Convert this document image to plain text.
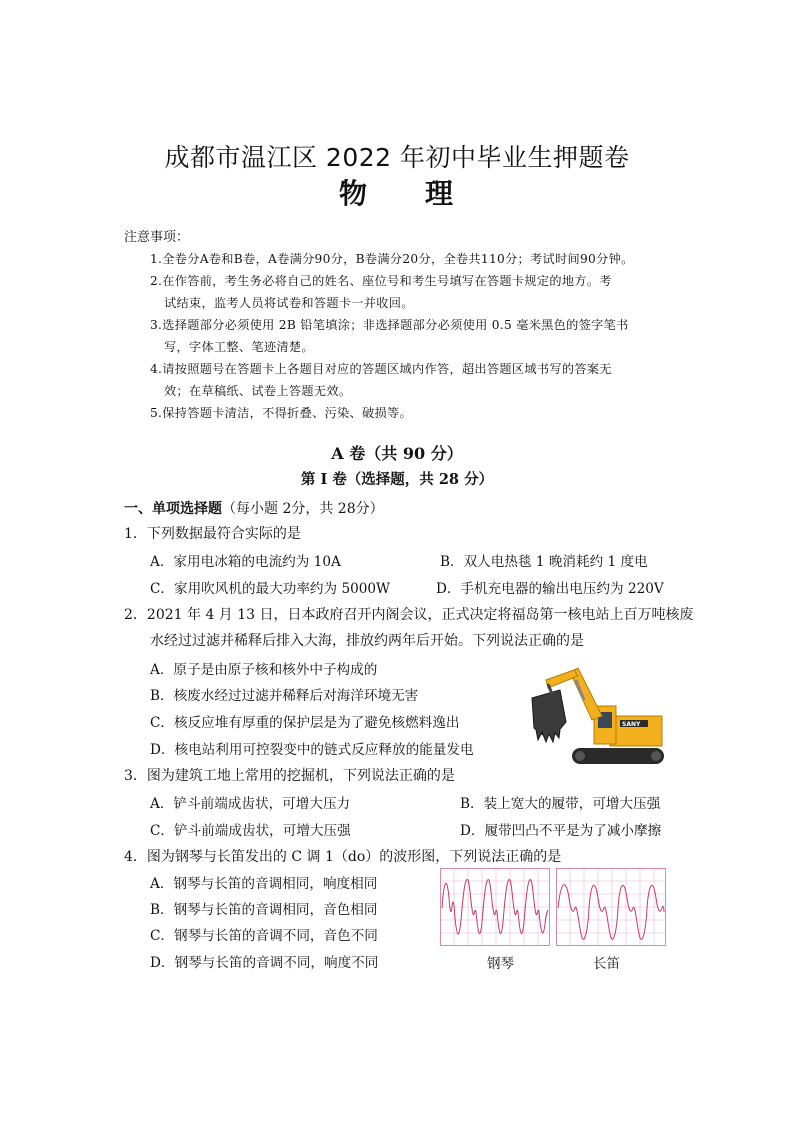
成都市温江区 2022 年初中毕业生押题卷
物 理
注意事项：
1.全卷分A卷和B卷，A卷满分90分，B卷满分20分，全卷共110分；考试时间90分钟。
2.在作答前，考生务必将自己的姓名、座位号和考生号填写在答题卡规定的地方。考
试结束，监考人员将试卷和答题卡一并收回。
3.选择题部分必须使用 2B 铅笔填涂；非选择题部分必须使用 0.5 毫米黑色的签字笔书
写，字体工整、笔迹清楚。
4.请按照题号在答题卡上各题目对应的答题区域内作答，超出答题区域书写的答案无
效；在草稿纸、试卷上答题无效。
5.保持答题卡清洁，不得折叠、污染、破损等。
A 卷（共 90 分）
第 I 卷（选择题，共 28 分）
一、单项选择题（每小题 2分，共 28分）
1．下列数据最符合实际的是
A．家用电冰箱的电流约为 10A	B．双人电热毯 1 晚消耗约 1 度电
C．家用吹风机的最大功率约为 5000W	D．手机充电器的输出电压约为 220V
2．2021 年 4 月 13 日，日本政府召开内阁会议，正式决定将福岛第一核电站上百万吨核废
水经过过滤并稀释后排入大海，排放约两年后开始。下列说法正确的是
A．原子是由原子核和核外中子构成的
B．核废水经过过滤并稀释后对海洋环境无害
C．核反应堆有厚重的保护层是为了避免核燃料逸出
D．核电站利用可控裂变中的链式反应释放的能量发电
SANY
3．图为建筑工地上常用的挖掘机，下列说法正确的是
A．铲斗前端成齿状，可增大压力	B．装上宽大的履带，可增大压强
C．铲斗前端成齿状，可增大压强	D．履带凹凸不平是为了减小摩擦
4．图为钢琴与长笛发出的 C 调 1（do）的波形图，下列说法正确的是
A．钢琴与长笛的音调相同，响度相同
B．钢琴与长笛的音调相同，音色相同
C．钢琴与长笛的音调不同，音色不同
D．钢琴与长笛的音调不同，响度不同	钢琴	长笛
